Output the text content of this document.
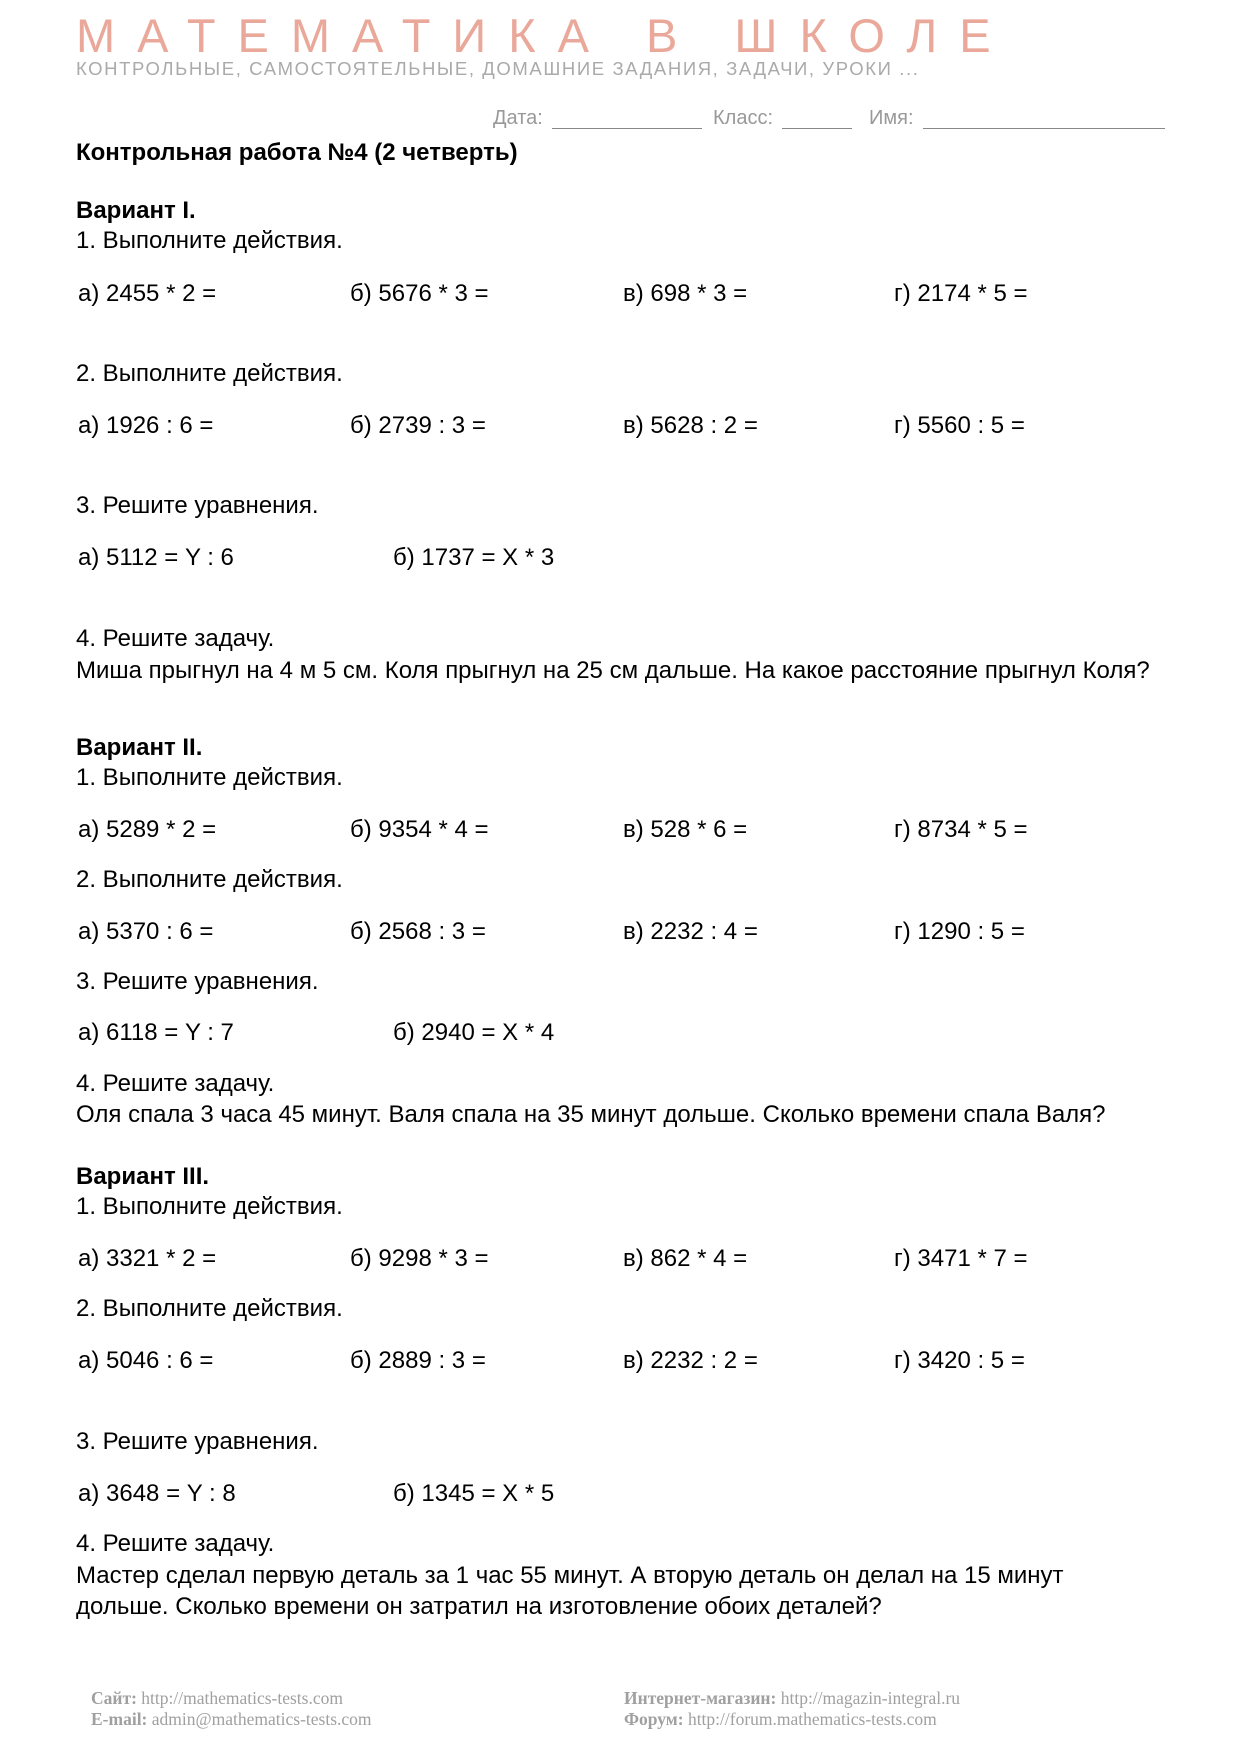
МАТЕМАТИКА В ШКОЛЕ
КОНТРОЛЬНЫЕ, САМОСТОЯТЕЛЬНЫЕ, ДОМАШНИЕ ЗАДАНИЯ, ЗАДАЧИ, УРОКИ ...
Дата:	Класс:	Имя:
Контрольная работа №4 (2 четверть)
Вариант I.
1. Выполните действия.
а) 2455 * 2 =	б) 5676 * 3 =	в) 698 * 3 =	г) 2174 * 5 =
2. Выполните действия.
а) 1926 : 6 =	б) 2739 : 3 =	в) 5628 : 2 =	г) 5560 : 5 =
3. Решите уравнения.
а) 5112 = Y : 6	б) 1737 = X * 3
4. Решите задачу.

Миша прыгнул на 4 м 5 см. Коля прыгнул на 25 см дальше. На какое расстояние прыгнул Коля?

Вариант II.
1. Выполните действия.
а) 5289 * 2 =	б) 9354 * 4 =	в) 528 * 6 =	г) 8734 * 5 =
2. Выполните действия.
а) 5370 : 6 =	б) 2568 : 3 =	в) 2232 : 4 =	г) 1290 : 5 =
3. Решите уравнения.
а) 6118 = Y : 7	б) 2940 = X * 4
4. Решите задачу.

Оля спала 3 часа 45 минут. Валя спала на 35 минут дольше. Сколько времени спала Валя?

Вариант III.
1. Выполните действия.
а) 3321 * 2 =	б) 9298 * 3 =	в) 862 * 4 =	г) 3471 * 7 =
2. Выполните действия.
а) 5046 : 6 =	б) 2889 : 3 =	в) 2232 : 2 =	г) 3420 : 5 =
3. Решите уравнения.
а) 3648 = Y : 8	б) 1345 = X * 5
4. Решите задачу.

Мастер сделал первую деталь за 1 час 55 минут. А вторую деталь он делал на 15 минут дольше. Сколько времени он затратил на изготовление обоих деталей?

Сайт: http://mathematics-tests.com
E-mail: admin@mathematics-tests.com
Интернет-магазин: http://magazin-integral.ru
Форум: http://forum.mathematics-tests.com
